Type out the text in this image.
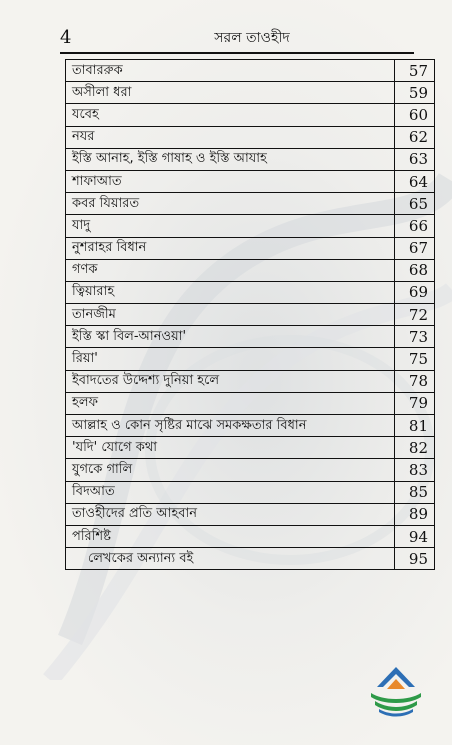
4	সরল তাওহীদ
তাবাররুক	57
অসীলা ধরা	59
যবেহ	60
নযর	62
ইস্তি আনাহ, ইস্তি গাষাহ ও ইস্তি আযাহ	63
শাফাআত	64
কবর যিয়ারত	65
যাদু	66
নুশরাহর বিধান	67
গণক	68
ত্বিয়ারাহ	69
তানজীম	72
ইস্তি স্কা বিল-আনওয়া'	73
রিয়া'	75
ইবাদতের উদ্দেশ্য দুনিয়া হলে	78
হলফ	79
আল্লাহ ও কোন সৃষ্টির মাঝে সমকক্ষতার বিধান	81
'যদি' যোগে কথা	82
যুগকে গালি	83
বিদআত	85
তাওহীদের প্রতি আহবান	89
পরিশিষ্ট	94
লেখকের অন্যান্য বই	95
